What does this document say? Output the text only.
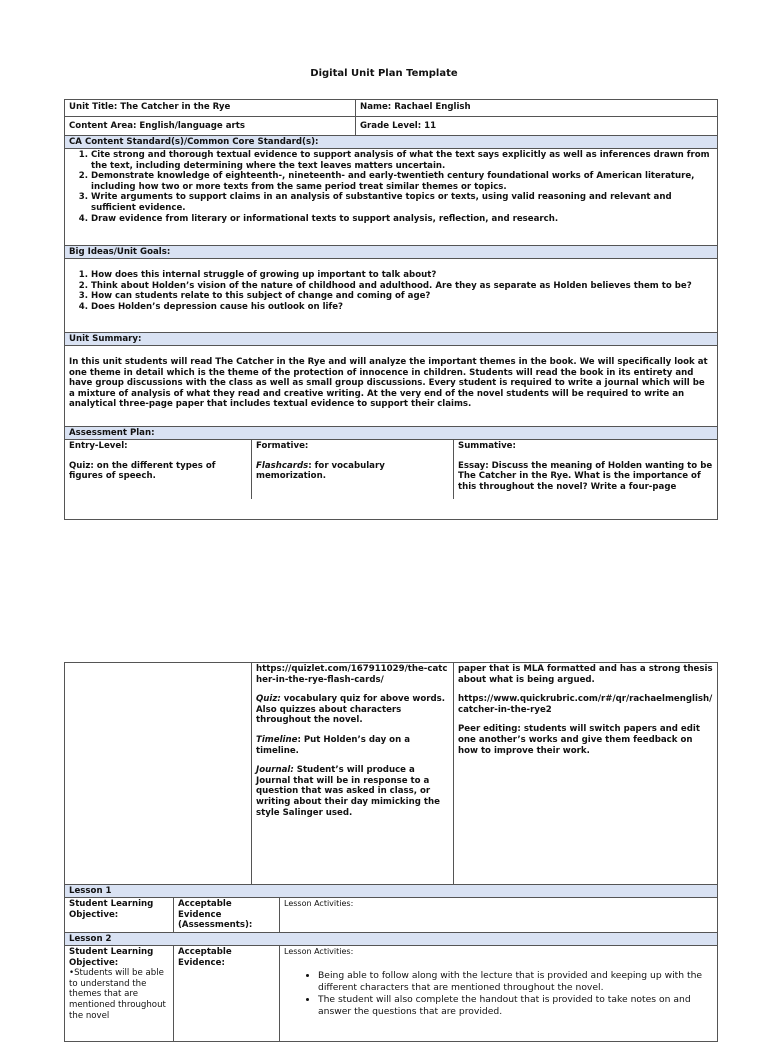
Digital Unit Plan Template
Unit Title: The Catcher in the Rye	Name: Rachael English
Content Area: English/language arts	Grade Level: 11
CA Content Standard(s)/Common Core Standard(s):
1. Cite strong and thorough textual evidence to support analysis of what the text says explicitly as well as inferences drawn from the text, including determining where the text leaves matters uncertain.
2. Demonstrate knowledge of eighteenth-, nineteenth- and early-twentieth century foundational works of American literature, including how two or more texts from the same period treat similar themes or topics.
3. Write arguments to support claims in an analysis of substantive topics or texts, using valid reasoning and relevant and sufficient evidence.
4. Draw evidence from literary or informational texts to support analysis, reflection, and research.
Big Ideas/Unit Goals:
1. How does this internal struggle of growing up important to talk about?
2. Think about Holden’s vision of the nature of childhood and adulthood. Are they as separate as Holden believes them to be?
3. How can students relate to this subject of change and coming of age?
4. Does Holden’s depression cause his outlook on life?
Unit Summary:

In this unit students will read The Catcher in the Rye and will analyze the important themes in the book. We will specifically look at one theme in detail which is the theme of the protection of innocence in children. Students will read the book in its entirety and have group discussions with the class as well as small group discussions. Every student is required to write a journal which will be a mixture of analysis of what they read and creative writing. At the very end of the novel students will be required to write an analytical three-page paper that includes textual evidence to support their claims.

Assessment Plan:

Entry-Level:

Quiz: on the different types of figures of speech.

Formative:

Flashcards: for vocabulary memorization.

Summative:

Essay: Discuss the meaning of Holden wanting to be The Catcher in the Rye. What is the importance of this throughout the novel? Write a four-page

https://quizlet.com/167911029/the-catcher-in-the-rye-flash-cards/

Quiz: vocabulary quiz for above words. Also quizzes about characters throughout the novel.

Timeline: Put Holden’s day on a timeline.

Journal: Student’s will produce a Journal that will be in response to a question that was asked in class, or writing about their day mimicking the style Salinger used.

paper that is MLA formatted and has a strong thesis about what is being argued.

https://www.quickrubric.com/r#/qr/rachaelmenglish/catcher-in-the-rye2

Peer editing: students will switch papers and edit one another’s works and give them feedback on how to improve their work.

Lesson 1
Student Learning Objective:
Acceptable Evidence (Assessments):
Lesson Activities:
Lesson 2

Student Learning Objective:

•Students will be able to understand the themes that are mentioned throughout the novel

Acceptable Evidence:

Lesson Activities:

• Being able to follow along with the lecture that is provided and keeping up with the different characters that are mentioned throughout the novel.
• The student will also complete the handout that is provided to take notes on and answer the questions that are provided.
